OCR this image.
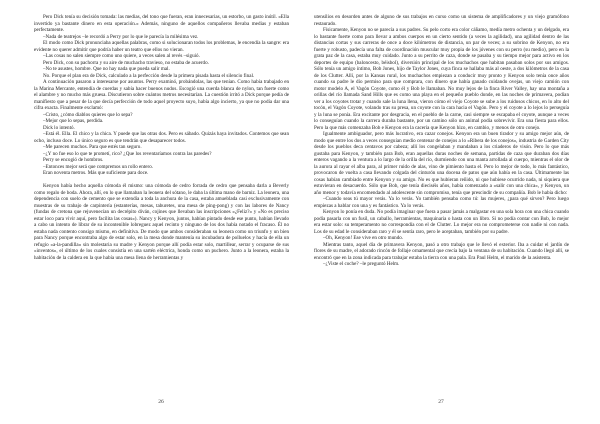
Pero Dick tenía su decisión tomada: las medias, del tono que fueran, eran innecesarias, un estorbo, un gasto inútil. «Ella invertido ya bastante dinero en esta operación.» Además, ninguno de aquellos compañeros llevaba medias y estaban perfectamente.

–Nada de teatrejos –le recordó a Perry por lo que le parecía la milésima vez.

El modo como Dick pronunciaba aquellas palabras, como si solucionaran todos los problemas, le encendía la sangre: era evidente no querer admitir que podría haber un teatro que ellos no vieran.

–Las cosas no salen siempre como uno quiere, a veces salen al revés –siguió.

Pero Dick, con su pachorra y su aire de muchacho travieso, no estaba de acuerdo.

–No te asustes, hombre. Que no hay nada que pueda salir mal.

No. Porque el plan era de Dick, calculado a la perfección desde la primera pisada hasta el silencio final.

A continuación pasaron a interesarse por asuntos. Perry examinó, probándolas, las que tenían. Como había trabajado en la Marina Mercante, entendía de cuerdas y sabía hacer buenos nudos. Escogió una cuerda blanca de nylon, tan fuerte como el alambre y no mucho más gruesa. Discutieron sobre cuántos metros necesitarían. La cuestión irritó a Dick porque pedía de manifiesto que a pesar de la que decía perfección de todo aquel proyecto suyo, había algo incierto, ya que no podía dar una cifra exacta. Finalmente exclamó:

–Cristo, ¿cómo diablos quieres que lo sepa?

–Mejor que lo sepas, perdida.

Dick lo intentó.

–Está él. Ella. El chico y la chica. Y puede que las otras dos. Pero es sábado. Quizás haya invitados. Contemos que sean ocho, incluso doce. Lo único seguro es que tendrán que desaparecer todos.

–Me parecen muchos. Para que estés tan seguro.

–¿Y no fue eso lo que te prometí, rico? ¿Que los reventaríamos contra las paredes?

Perry se encogió de hombros.

–Entonces mejor será que compremos un rollo entero.

Eran noventa metros. Más que suficiente para doce.

Kenyon había hecho aquella cómoda él mismo: una cómoda de cedro forrada de cedro que pensaba darla a Beverly como regalo de boda. Ahora, allí, en lo que llamaban la leonera del sótano, le daba la última mano de barniz. La leonera, una dependencia con suelo de cemento que se extendía a toda la anchura de la casa, estaba amueblada casi exclusivamente con muestras de su trabajo de carpintería (estanterías, mesas, taburetes, una mesa de ping-pong) y con las labores de Nancy (fundas de cretona que rejuvenecían un decrépito diván, cojines que llevaban las inscripciones «¿Feliz?» y «No es preciso estar loco para vivir aquí, pero facilita las cosas»). Nancy y Kenyon, juntos, habían pintado desde ese punto, habían llevado a cabo un intento de librar de su incontenible lobreguez aquel recinto y ninguno de los dos había notado el fracaso. Él no estaba nada contento consigo mismo, en definitiva. De modo que ambos consideraban su leonera como un triunfo y un bien para Nancy porque encontraba algo de estar solo, en la mesa donde mantenía su incubadora de polluelos y hacía de ella un refugio «a-la-pandilla» sin molestaria su madre y Kenyon porque allí podía estar solo, martillear, serrar y ocuparse de sus «inventos», el último de los cuales consistía en una sartén eléctrica, honda como un puchero. Junto a la leonera, estaba la habitación de la caldera en la que había una mesa llena de herramientas y

26

utensilios en desorden antes de alguno de sus trabajos en curso como un sistema de amplificadores y un viejo gramófono restaurado.

Físicamente, Kenyon no se parecía a sus padres. Su pelo corto era color cáñamo, medía metro ochenta y un delgado, era lo bastante fuerte como para llevar a ambos cuerpos en un cierto sentido (a veces la agilidad), una agilidad dentro de las distancias cortas y sus carreras de once a doce kilómetros de distancia, un par de veces; a su sobrino de Kenyon, no era fuerte y robusto, padecía una falta de coordinación muscular muy propia de los jóvenes con su perro (su medio), pero en la grata paz de la casa, estaba muy cuidado. Junto a su perrito de caza, donde se pasaba y su tiempo mejor para activo en los deportes de equipo (baloncesto, béisbol), diversión principal de los muchachos que habitan pasaban solos por sus amigos. Sólo tenía un amigo íntimo, Bob Jones, hijo de Taylor Jones, cuya finca se hallaba más al oeste, a dos kilómetros de la casa de los Clutter. Allí, por la Kansas rural, los muchachos empiezan a conducir muy pronto y Kenyon solo tenía once años cuando su padre le dio permiso para que comprara, con dinero que había ganado cuidando ovejas, un viejo camión con motor modelo A, el Vagón Coyote, como él y Bob le llamaban. No muy lejos de la finca River Valley, hay una montaña a orillas del río llamada Sand Hills que es como una playa en el pequeño pueblo donde, en las noches de primavera, podían ver a los coyotes trotar y cuando sale la luna llena, vieron cómo el viejo Coyote se sube a los ruidosos chicos, en lo alto del tocón, el Vagón Coyote, volando tras su presa, un coyote con la cara hacia el Vagón. Pero y el coyote a lo lejos lo perseguía y la luna se ponía. Era excitante por desgracia, en el pueblo de la carne, casi siempre se escapaba el coyote, aunque a veces lo conseguían cuando la carrera duraba bastante, por un camino sólo un animal podía sobrevivir. Era una fiesta para ellos. Pero la que más comenzaba Bob e Kenyon era la cacería que Kenyon hizo, en cambio, y menos de otro conejo.

Igualmente ambiguador, pero más lucrativo, era cazar conejos. Kenyon era un buen tirador y su amigo mejor aún, de modo que entre los dos a veces conseguían medio centenar de conejos a lo «Ribera de los conejos», industria de Garden City desde los pueblos deca centavos por cabeza; allí los congelaban y mandaban a los criaderos de visón. Pero lo que más gustaba para Kenyon, y también para Bob, eran aquellas duras noches de semana, partidas de caza que duraban dos días enteros vagando a la ventura a lo largo de la orilla del río, durmiendo con una manta arrollada al cuerpo, mientras el olor de la aurora al rayar el alba para, al primer ruido de alas, vino de pimiento hasta el. Pero lo mejor de todo, lo más fantástico, provocaron de vuelta a casa llevando colgada del cinturón una docena de patos que aún había en la casa. Últimamente las cosas habían cambiado entre Kenyon y su amigo. No es que hubieran reñido, ni que hubiese ocurrido nada, ni siquiera que estuvieran en desacuerdo. Sólo que Bob, que tenía dieciséis años, había comenzado a «salir con una chica», y Kenyon, un año menor y todavía encomendado al adolescente sin compromiso, tenía que prescindir de su compañía. Bob le había dicho:

–Cuando seas tú mayor verás. Ya lo verás. Yo también pensaba como tú: las mujeres, ¿para qué sirven? Pero luego empiezas a hablar con una y es fantástico. Ya lo verás.

Kenyon lo ponía en duda. No podía imaginar que fuera a pasar jamás a malgastar en una sola hora con una chica cuando podía pasarla con un fusil, un caballo, herramientas, maquinaria o hasta con un libro. Si no podía contar con Bob, lo mejor era estar solo: su temperamento no correspondía con el de Clutter. Lo mejor era no comprometerse con nadie ni con nada. Los de su edad le consideraban raro y él se sentía raro, pero le aceptaban, también por su padre.

–Oh, Kenyon! Ese vive en otro mundo.

Mientras tanto, aquel día de primavera Kenyon, pasó a otro trabajo que le llevó el exterior. Iba a cuidar el jardín de flores de su madre, el adorado rincón de follaje ornamental que crecía bajo la ventana de su habitación. Cuando llegó allí, se encontró que en la zona indicada para trabajar estaba la tierra con una pala. Era Paul Helm, el marido de la asistenta.

–¿Viste el coche? –le preguntó Helm.

27
